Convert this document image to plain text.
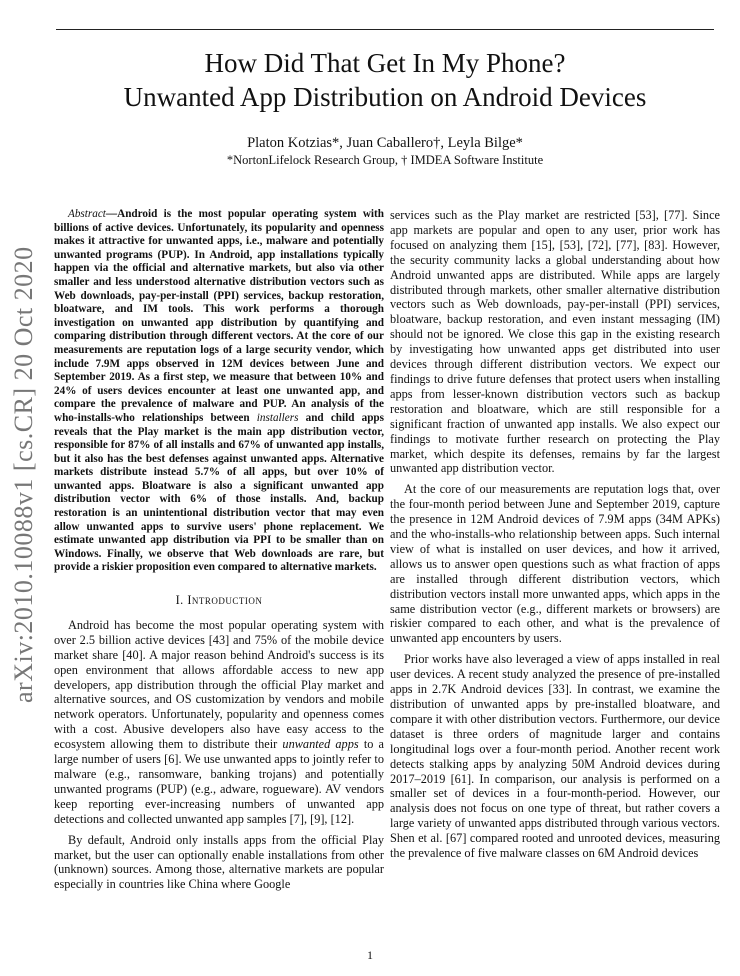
arXiv:2010.10088v1 [cs.CR] 20 Oct 2020
How Did That Get In My Phone?
Unwanted App Distribution on Android Devices
Platon Kotzias*, Juan Caballero†, Leyla Bilge*
*NortonLifelock Research Group, † IMDEA Software Institute

Abstract—Android is the most popular operating system with billions of active devices. Unfortunately, its popularity and openness makes it attractive for unwanted apps, i.e., malware and potentially unwanted programs (PUP). In Android, app installations typically happen via the official and alternative markets, but also via other smaller and less understood alternative distribution vectors such as Web downloads, pay-per-install (PPI) services, backup restoration, bloatware, and IM tools. This work performs a thorough investigation on unwanted app distribution by quantifying and comparing distribution through different vectors. At the core of our measurements are reputation logs of a large security vendor, which include 7.9M apps observed in 12M devices between June and September 2019. As a first step, we measure that between 10% and 24% of users devices encounter at least one unwanted app, and compare the prevalence of malware and PUP. An analysis of the who-installs-who relationships between installers and child apps reveals that the Play market is the main app distribution vector, responsible for 87% of all installs and 67% of unwanted app installs, but it also has the best defenses against unwanted apps. Alternative markets distribute instead 5.7% of all apps, but over 10% of unwanted apps. Bloatware is also a significant unwanted app distribution vector with 6% of those installs. And, backup restoration is an unintentional distribution vector that may even allow unwanted apps to survive users' phone replacement. We estimate unwanted app distribution via PPI to be smaller than on Windows. Finally, we observe that Web downloads are rare, but provide a riskier proposition even compared to alternative markets.

I. Introduction

Android has become the most popular operating system with over 2.5 billion active devices [43] and 75% of the mobile device market share [40]. A major reason behind Android's success is its open environment that allows affordable access to new app developers, app distribution through the official Play market and alternative sources, and OS customization by vendors and mobile network operators. Unfortunately, popularity and openness comes with a cost. Abusive developers also have easy access to the ecosystem allowing them to distribute their unwanted apps to a large number of users [6]. We use unwanted apps to jointly refer to malware (e.g., ransomware, banking trojans) and potentially unwanted programs (PUP) (e.g., adware, rogueware). AV vendors keep reporting ever-increasing numbers of unwanted app detections and collected unwanted app samples [7], [9], [12].

By default, Android only installs apps from the official Play market, but the user can optionally enable installations from other (unknown) sources. Among those, alternative markets are popular especially in countries like China where Google

services such as the Play market are restricted [53], [77]. Since app markets are popular and open to any user, prior work has focused on analyzing them [15], [53], [72], [77], [83]. However, the security community lacks a global understanding about how Android unwanted apps are distributed. While apps are largely distributed through markets, other smaller alternative distribution vectors such as Web downloads, pay-per-install (PPI) services, bloatware, backup restoration, and even instant messaging (IM) should not be ignored. We close this gap in the existing research by investigating how unwanted apps get distributed into user devices through different distribution vectors. We expect our findings to drive future defenses that protect users when installing apps from lesser-known distribution vectors such as backup restoration and bloatware, which are still responsible for a significant fraction of unwanted app installs. We also expect our findings to motivate further research on protecting the Play market, which despite its defenses, remains by far the largest unwanted app distribution vector.

At the core of our measurements are reputation logs that, over the four-month period between June and September 2019, capture the presence in 12M Android devices of 7.9M apps (34M APKs) and the who-installs-who relationship between apps. Such internal view of what is installed on user devices, and how it arrived, allows us to answer open questions such as what fraction of apps are installed through different distribution vectors, which distribution vectors install more unwanted apps, which apps in the same distribution vector (e.g., different markets or browsers) are riskier compared to each other, and what is the prevalence of unwanted app encounters by users.

Prior works have also leveraged a view of apps installed in real user devices. A recent study analyzed the presence of pre-installed apps in 2.7K Android devices [33]. In contrast, we examine the distribution of unwanted apps by pre-installed bloatware, and compare it with other distribution vectors. Furthermore, our device dataset is three orders of magnitude larger and contains longitudinal logs over a four-month period. Another recent work detects stalking apps by analyzing 50M Android devices during 2017–2019 [61]. In comparison, our analysis is performed on a smaller set of devices in a four-month-period. However, our analysis does not focus on one type of threat, but rather covers a large variety of unwanted apps distributed through various vectors. Shen et al. [67] compared rooted and unrooted devices, measuring the prevalence of five malware classes on 6M Android devices

1
